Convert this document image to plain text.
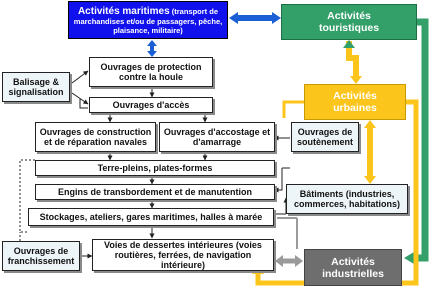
Activités maritimes (transport de
marchandises et/ou de passagers, pêche,
plaisance, militaire)
Activités
touristiques
Activités
urbaines
Activités
industrielles
Balisage &
signalisation
Ouvrages de protection
contre la houle
Ouvrages d'accès
Ouvrages de construction
et de réparation navales
Ouvrages d'accostage et
d'amarrage
Ouvrages de
soutènement
Terre-pleins, plates-formes
Engins de transbordement et de manutention	Bâtiments (industries,
commerces, habitations)
Stockages, ateliers, gares maritimes, halles à marée
Ouvrages de
franchissement
Voies de dessertes intérieures (voies
routières, ferrées, de navigation intérieure)
